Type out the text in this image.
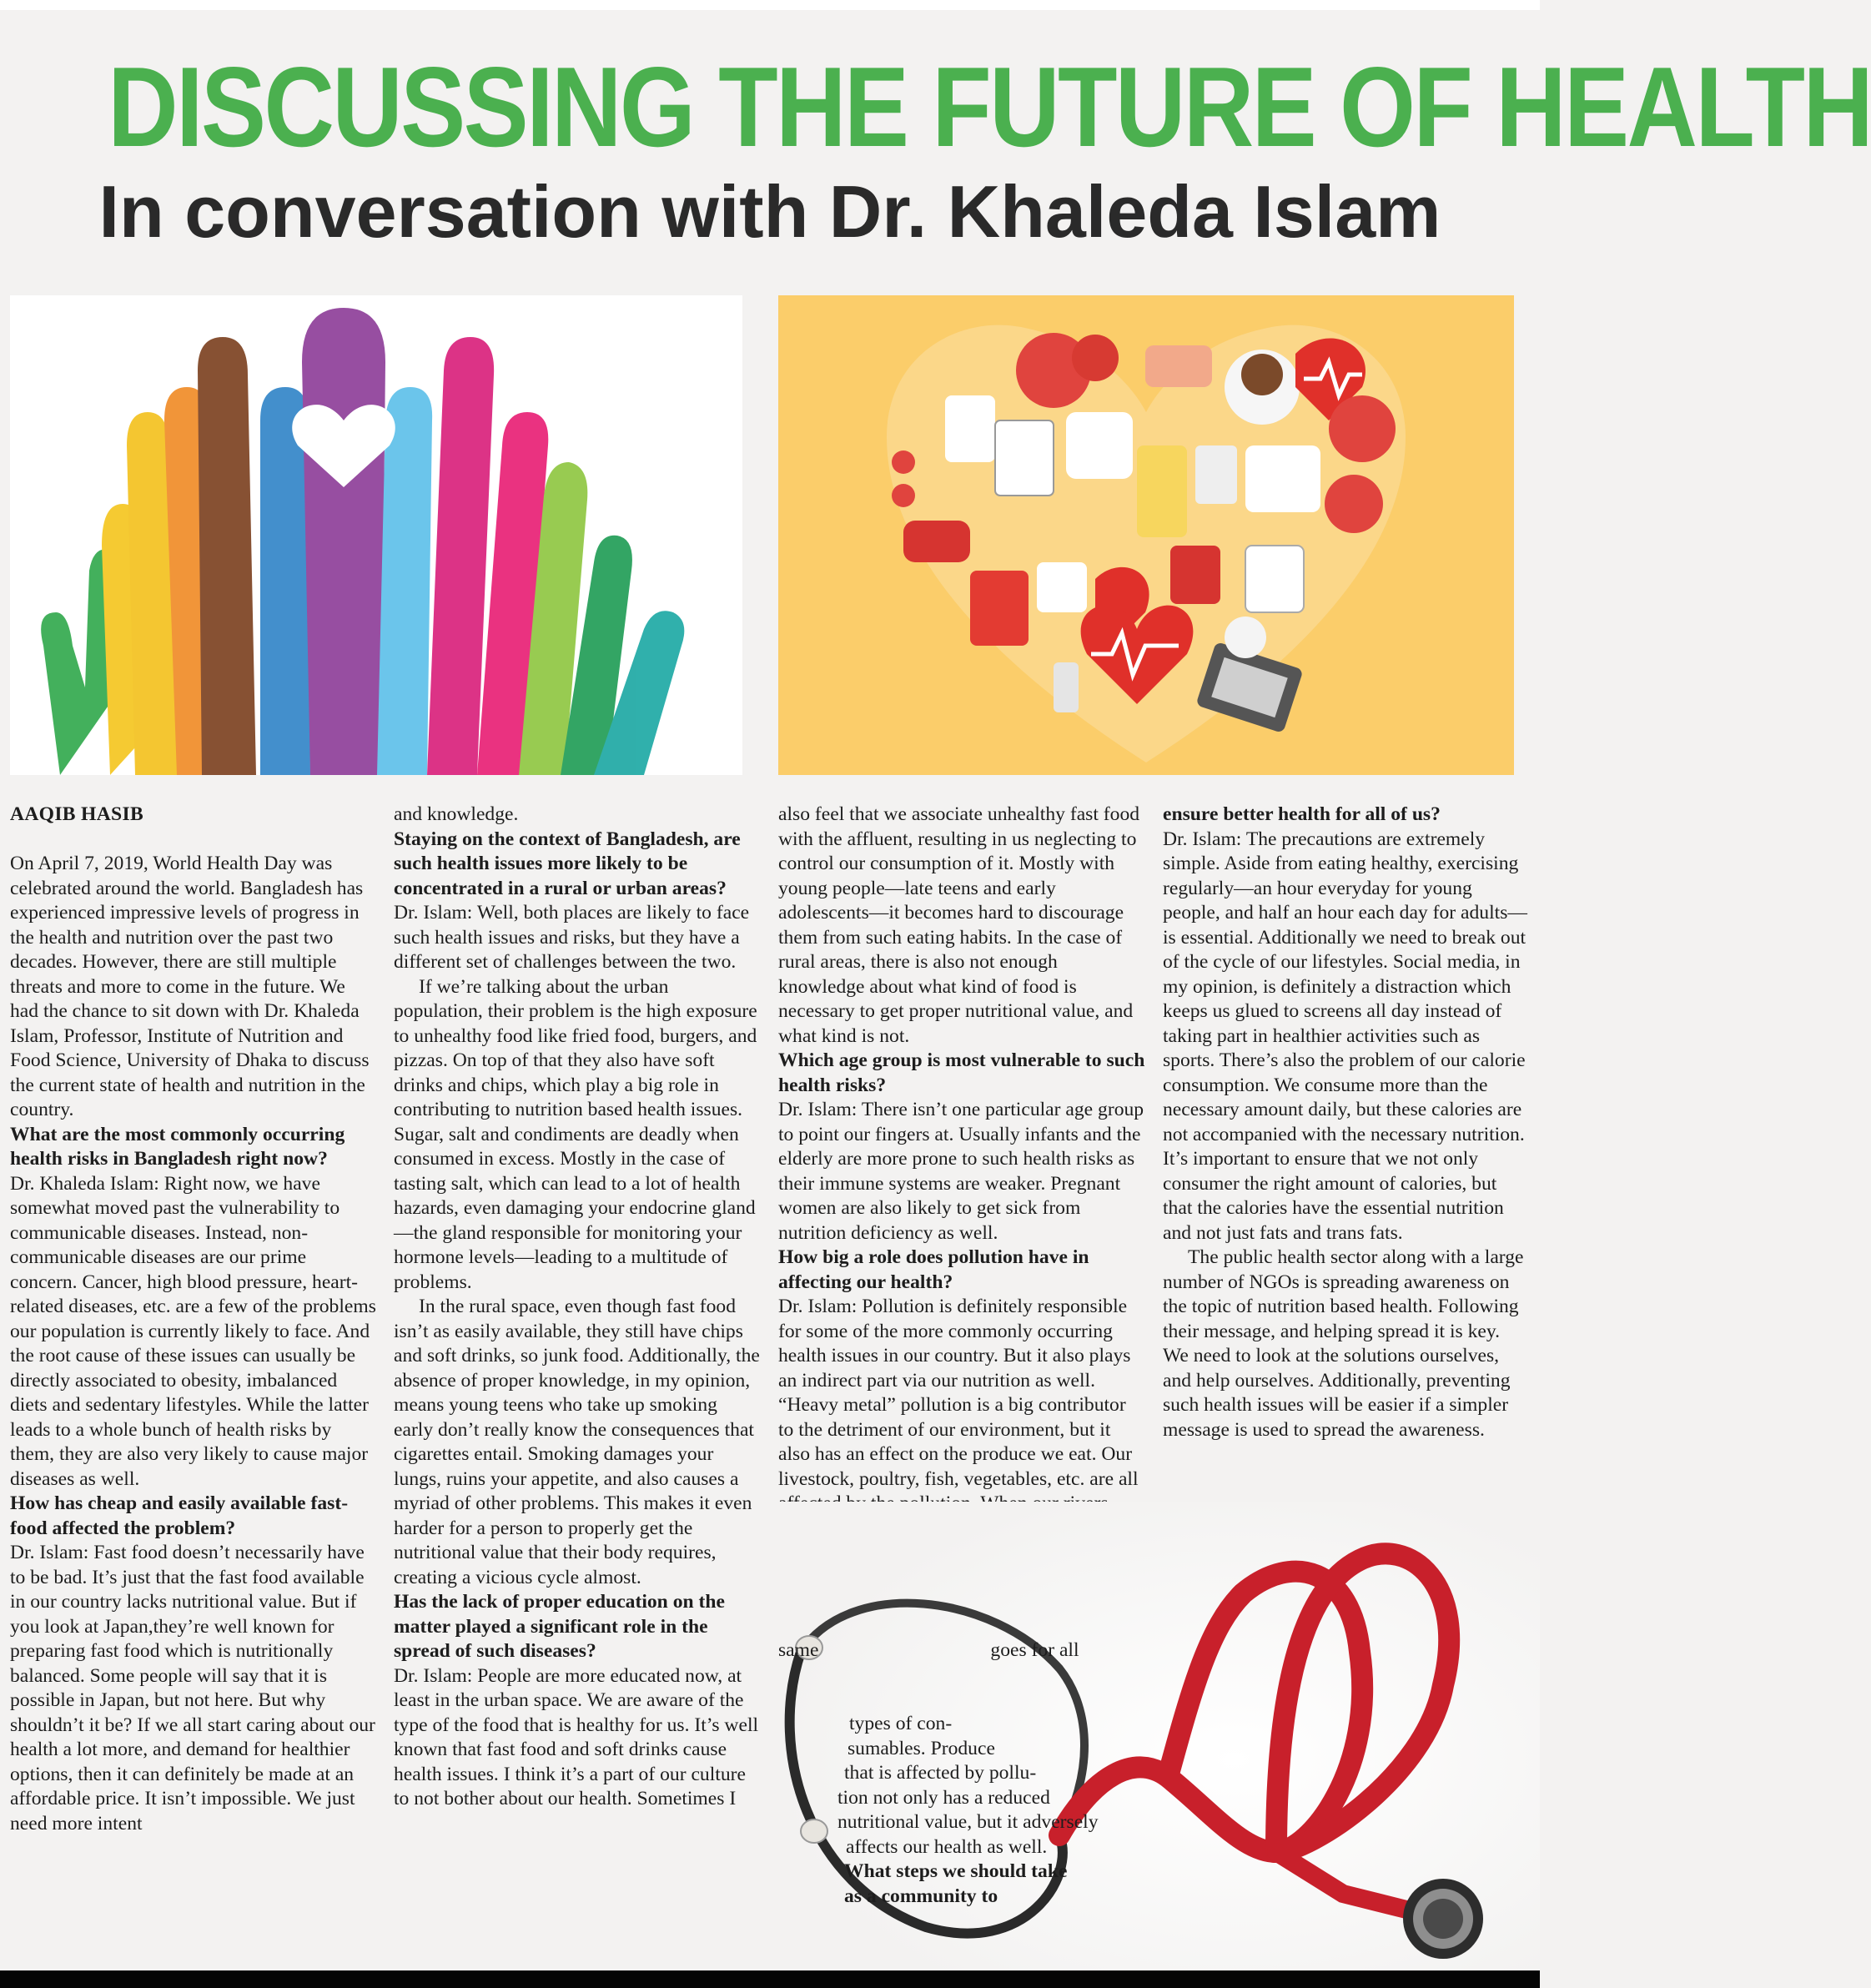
DISCUSSING THE FUTURE OF HEALTH
In conversation with Dr. Khaleda Islam

AAQIB HASIB

On April 7, 2019, World Health Day was celebrated around the world. Bangladesh has experienced impressive levels of progress in the health and nutrition over the past two decades. However, there are still multiple threats and more to come in the future. We had the chance to sit down with Dr. Khaleda Islam, Professor, Institute of Nutrition and Food Science, University of Dhaka to discuss the current state of health and nutrition in the country.

What are the most commonly occurring health risks in Bangladesh right now?

Dr. Khaleda Islam: Right now, we have somewhat moved past the vulnerability to communicable diseases. Instead, non-communicable diseases are our prime concern. Cancer, high blood pressure, heart-related diseases, etc. are a few of the problems our population is currently likely to face. And the root cause of these issues can usually be directly associated to obesity, imbalanced diets and sedentary lifestyles. While the latter leads to a whole bunch of health risks by them, they are also very likely to cause major diseases as well.

How has cheap and easily available fast-food affected the problem?

Dr. Islam: Fast food doesn’t necessarily have to be bad. It’s just that the fast food available in our country lacks nutritional value. But if you look at Japan,they’re well known for preparing fast food which is nutritionally balanced. Some people will say that it is possible in Japan, but not here. But why shouldn’t it be? If we all start caring about our health a lot more, and demand for healthier options, then it can definitely be made at an affordable price. It isn’t impossible. We just need more intent

and knowledge.

Staying on the context of Bangladesh, are such health issues more likely to be concentrated in a rural or urban areas?

Dr. Islam: Well, both places are likely to face such health issues and risks, but they have a different set of challenges between the two.

If we’re talking about the urban population, their problem is the high exposure to unhealthy food like fried food, burgers, and pizzas. On top of that they also have soft drinks and chips, which play a big role in contributing to nutrition based health issues. Sugar, salt and condiments are deadly when consumed in excess. Mostly in the case of tasting salt, which can lead to a lot of health hazards, even damaging your endocrine gland—the gland responsible for monitoring your hormone levels—leading to a multitude of problems.

In the rural space, even though fast food isn’t as easily available, they still have chips and soft drinks, so junk food. Additionally, the absence of proper knowledge, in my opinion, means young teens who take up smoking early don’t really know the consequences that cigarettes entail. Smoking damages your lungs, ruins your appetite, and also causes a myriad of other problems. This makes it even harder for a person to properly get the nutritional value that their body requires, creating a vicious cycle almost.

Has the lack of proper education on the matter played a significant role in the spread of such diseases?

Dr. Islam: People are more educated now, at least in the urban space. We are aware of the type of the food that is healthy for us. It’s well known that fast food and soft drinks cause health issues. I think it’s a part of our culture to not bother about our health. Sometimes I

also feel that we associate unhealthy fast food with the affluent, resulting in us neglecting to control our consumption of it. Mostly with young people—late teens and early adolescents—it becomes hard to discourage them from such eating habits. In the case of rural areas, there is also not enough knowledge about what kind of food is necessary to get proper nutritional value, and what kind is not.

Which age group is most vulnerable to such health risks?

Dr. Islam: There isn’t one particular age group to point our fingers at. Usually infants and the elderly are more prone to such health risks as their immune systems are weaker. Pregnant women are also likely to get sick from nutrition deficiency as well.

How big a role does pollution have in affecting our health?

Dr. Islam: Pollution is definitely responsible for some of the more commonly occurring health issues in our country. But it also plays an indirect part via our nutrition as well. “Heavy metal” pollution is a big contributor to the detriment of our environment, but it also has an effect on the produce we eat. Our livestock, poultry, fish, vegetables, etc. are all

same	goes for all

types of con-

sumables. Produce

that is affected by pollu-

tion not only has a reduced

nutritional value, but it adversely

affects our health as well.

What steps we should take

as a community to

ensure better health for all of us?

Dr. Islam: The precautions are extremely simple. Aside from eating healthy, exercising regularly—an hour everyday for young people, and half an hour each day for adults—is essential. Additionally we need to break out of the cycle of our lifestyles. Social media, in my opinion, is definitely a distraction which keeps us glued to screens all day instead of taking part in healthier activities such as sports. There’s also the problem of our calorie consumption. We consume more than the necessary amount daily, but these calories are not accompanied with the necessary nutrition. It’s important to ensure that we not only consumer the right amount of calories, but that the calories have the essential nutrition and not just fats and trans fats.

The public health sector along with a large number of NGOs is spreading awareness on the topic of nutrition based health. Following their message, and helping spread it is key. We need to look at the solutions ourselves, and help ourselves. Additionally, preventing such health issues will be easier if a simpler message is used to spread the awareness.
